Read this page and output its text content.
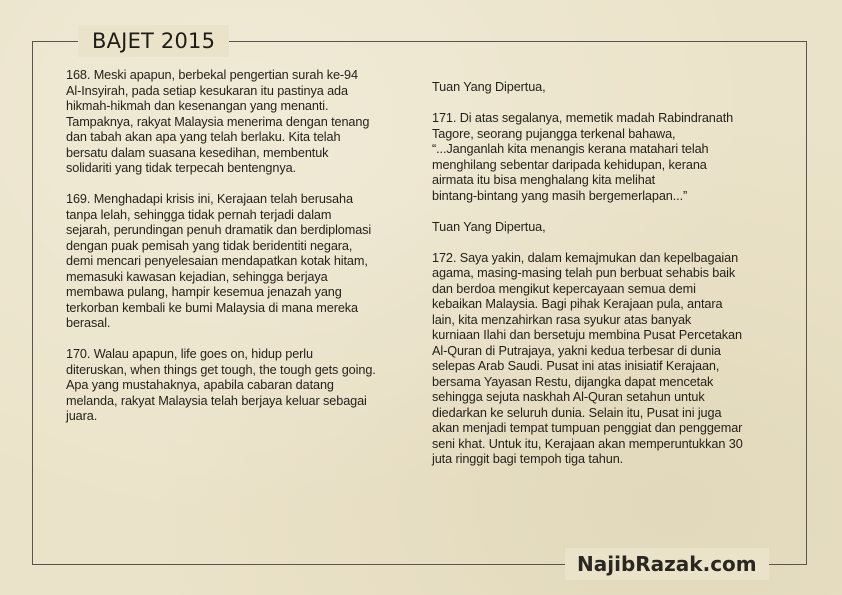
BAJET 2015

168. Meski apapun, berbekal pengertian surah ke-94
Al-Insyirah, pada setiap kesukaran itu pastinya ada
hikmah-hikmah dan kesenangan yang menanti.
Tampaknya, rakyat Malaysia menerima dengan tenang
dan tabah akan apa yang telah berlaku. Kita telah
bersatu dalam suasana kesedihan, membentuk
solidariti yang tidak terpecah bentengnya.

169. Menghadapi krisis ini, Kerajaan telah berusaha
tanpa lelah, sehingga tidak pernah terjadi dalam
sejarah, perundingan penuh dramatik dan berdiplomasi
dengan puak pemisah yang tidak beridentiti negara,
demi mencari penyelesaian mendapatkan kotak hitam,
memasuki kawasan kejadian, sehingga berjaya
membawa pulang, hampir kesemua jenazah yang
terkorban kembali ke bumi Malaysia di mana mereka
berasal.

170. Walau apapun, life goes on, hidup perlu
diteruskan, when things get tough, the tough gets going.
Apa yang mustahaknya, apabila cabaran datang
melanda, rakyat Malaysia telah berjaya keluar sebagai
juara.

Tuan Yang Dipertua,

171. Di atas segalanya, memetik madah Rabindranath
Tagore, seorang pujangga terkenal bahawa,
“...Janganlah kita menangis kerana matahari telah
menghilang sebentar daripada kehidupan, kerana
airmata itu bisa menghalang kita melihat
bintang-bintang yang masih bergemerlapan...”

Tuan Yang Dipertua,

172. Saya yakin, dalam kemajmukan dan kepelbagaian
agama, masing-masing telah pun berbuat sehabis baik
dan berdoa mengikut kepercayaan semua demi
kebaikan Malaysia. Bagi pihak Kerajaan pula, antara
lain, kita menzahirkan rasa syukur atas banyak
kurniaan Ilahi dan bersetuju membina Pusat Percetakan
Al-Quran di Putrajaya, yakni kedua terbesar di dunia
selepas Arab Saudi. Pusat ini atas inisiatif Kerajaan,
bersama Yayasan Restu, dijangka dapat mencetak
sehingga sejuta naskhah Al-Quran setahun untuk
diedarkan ke seluruh dunia. Selain itu, Pusat ini juga
akan menjadi tempat tumpuan penggiat dan penggemar
seni khat. Untuk itu, Kerajaan akan memperuntukkan 30
juta ringgit bagi tempoh tiga tahun.

NajibRazak.com
